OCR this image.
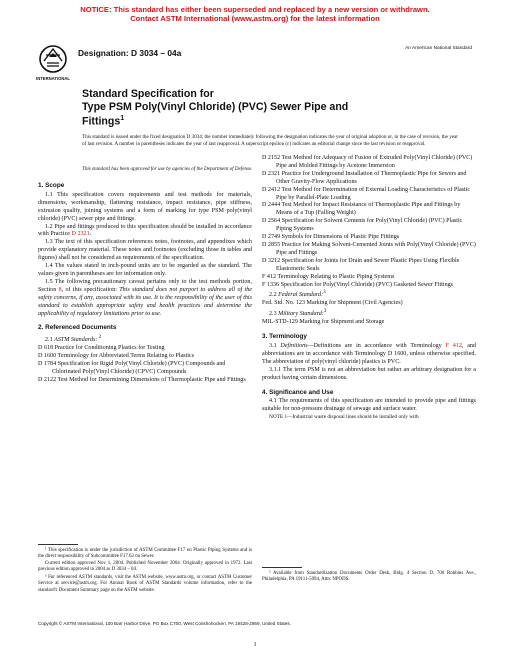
NOTICE: This standard has either been superseded and replaced by a new version or withdrawn.
Contact ASTM International (www.astm.org) for the latest information
INTERNATIONAL
Designation: D 3034 – 04a	An American National Standard
Standard Specification for
Type PSM Poly(Vinyl Chloride) (PVC) Sewer Pipe and
Fittings$^1$
This standard is issued under the fixed designation D 3034; the number immediately following the designation indicates the year of original adoption or, in the case of revision, the year of last revision. A number in parentheses indicates the year of last reapproval. A superscript epsilon (ε) indicates an editorial change since the last revision or reapproval.
This standard has been approved for use by agencies of the Department of Defense.

1. Scope

1.1 This specification covers requirements and test methods for materials, dimensions, workmanship, flattening resistance, impact resistance, pipe stiffness, extrusion quality, joining systems and a form of marking for type PSM poly(vinyl chloride) (PVC) sewer pipe and fittings.

1.2 Pipe and fittings produced to this specification should be installed in accordance with Practice D 2321.

1.3 The text of this specification references notes, footnotes, and appendixes which provide explanatory material. These notes and footnotes (excluding those in tables and figures) shall not be considered as requirements of the specification.

1.4 The values stated in inch-pound units are to be regarded as the standard. The values given in parentheses are for information only.

1.5 The following precautionary caveat pertains only to the test methods portion, Section 8, of this specification: This standard does not purport to address all of the safety concerns, if any, associated with its use. It is the responsibility of the user of this standard to establish appropriate safety and health practices and determine the applicability of regulatory limitations prior to use.

2. Referenced Documents

2.1 ASTM Standards: $^2$

D 618 Practice for Conditioning Plastics for Testing

D 1600 Terminology for Abbreviated Terms Relating to Plastics

D 1784 Specification for Rigid Poly(Vinyl Chloride) (PVC) Compounds and Chlorinated Poly(Vinyl Chloride) (CPVC) Compounds

D 2122 Test Method for Determining Dimensions of Thermoplastic Pipe and Fittings

D 2152 Test Method for Adequacy of Fusion of Extruded Poly(Vinyl Chloride) (PVC) Pipe and Molded Fittings by Acetone Immersion

D 2321 Practice for Underground Installation of Thermoplastic Pipe for Sewers and Other Gravity-Flow Applications

D 2412 Test Method for Determination of External Loading Characteristics of Plastic Pipe by Parallel-Plate Loading

D 2444 Test Method for Impact Resistance of Thermoplastic Pipe and Fittings by Means of a Tup (Falling Weight)

D 2564 Specification for Solvent Cements for Poly(Vinyl Chloride) (PVC) Plastic Piping Systems

D 2749 Symbols for Dimensions of Plastic Pipe Fittings

D 2855 Practice for Making Solvent-Cemented Joints with Poly(Vinyl Chloride) (PVC) Pipe and Fittings

D 3212 Specification for Joints for Drain and Sewer Plastic Pipes Using Flexible Elastomeric Seals

F 412 Terminology Relating to Plastic Piping Systems

F 1336 Specification for Poly(Vinyl Chloride) (PVC) Gasketed Sewer Fittings

2.2 Federal Standard:$^3$

Fed. Std. No. 123 Marking for Shipment (Civil Agencies)

2.3 Military Standard:$^3$

MIL-STD-129 Marking for Shipment and Storage

3. Terminology

3.1 Definitions—Definitions are in accordance with Terminology F 412, and abbreviations are in accordance with Terminology D 1600, unless otherwise specified. The abbreviation of poly(vinyl chloride) plastics is PVC.

3.1.1 The term PSM is not an abbreviation but rather an arbitrary designation for a product having certain dimensions.

4. Significance and Use

4.1 The requirements of this specification are intended to provide pipe and fittings suitable for non-pressure drainage of sewage and surface water.

NOTE 1—Industrial waste disposal lines should be installed only with

¹ This specification is under the jurisdiction of ASTM Committee F17 on Plastic Piping Systems and is the direct responsibility of Subcommittee F17.62 on Sewer.
Current edition approved Nov 1, 2004. Published November 2004. Originally approved in 1972. Last previous edition approved in 2004 as D 3034 – 04.
² For referenced ASTM standards, visit the ASTM website, www.astm.org, or contact ASTM Customer Service at service@astm.org. For Annual Book of ASTM Standards volume information, refer to the standard's Document Summary page on the ASTM website.
³ Available from Standardization Documents Order Desk, Bldg. 4 Section D, 700 Robbins Ave., Philadelphia, PA 19111-5094, Attn: NPODS.
Copyright © ASTM International, 100 Barr Harbor Drive, PO Box C700, West Conshohocken, PA 19428-2959, United States.
1
